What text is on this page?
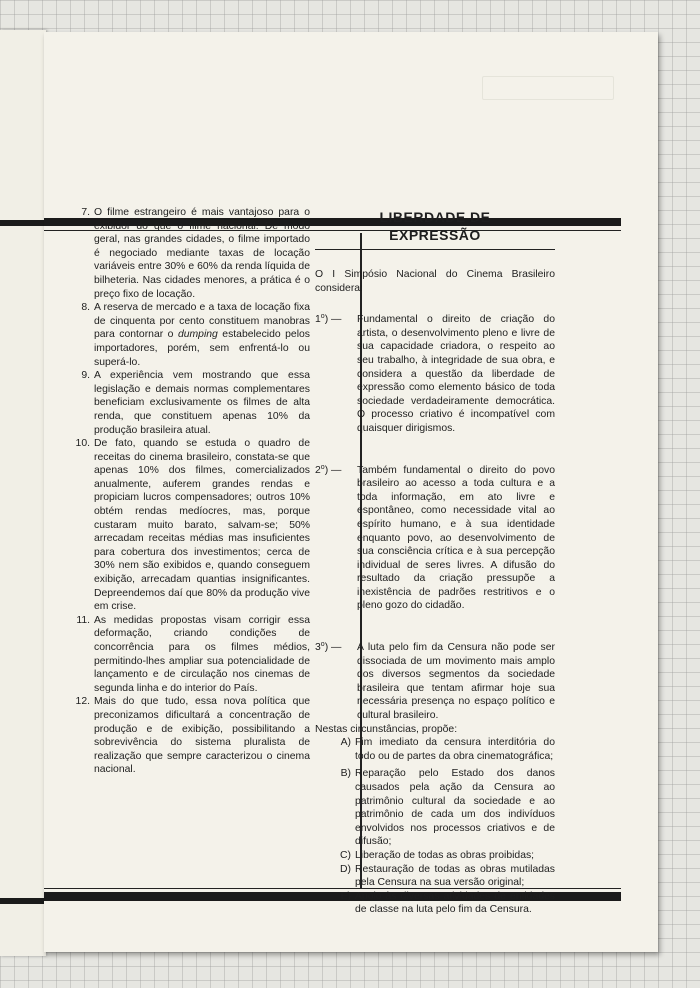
7. O filme estrangeiro é mais vantajoso para o exibidor do que o filme nacional. De modo geral, nas grandes cidades, o filme importado é negociado mediante taxas de locação variáveis entre 30% e 60% da renda líquida de bilheteria. Nas cidades menores, a prática é o preço fixo de locação.

8. A reserva de mercado e a taxa de locação fixa de cinquenta por cento constituem manobras para contornar o dumping estabelecido pelos importadores, porém, sem enfrentá-lo ou superá-lo.

9. A experiência vem mostrando que essa legislação e demais normas complementares beneficiam exclusivamente os filmes de alta renda, que constituem apenas 10% da produção brasileira atual.

10. De fato, quando se estuda o quadro de receitas do cinema brasileiro, constata-se que apenas 10% dos filmes, comercializados anualmente, auferem grandes rendas e propiciam lucros compensadores; outros 10% obtém rendas medíocres, mas, porque custaram muito barato, salvam-se; 50% arrecadam receitas médias mas insuficientes para cobertura dos investimentos; cerca de 30% nem são exibidos e, quando conseguem exibição, arrecadam quantias insignificantes. Depreendemos daí que 80% da produção vive em crise.

11. As medidas propostas visam corrigir essa deformação, criando condições de concorrência para os filmes médios, permitindo-lhes ampliar sua potencialidade de lançamento e de circulação nos cinemas de segunda linha e do interior do País.

12. Mais do que tudo, essa nova política que preconizamos dificultará a concentração de produção e de exibição, possibilitando a sobrevivência do sistema pluralista de realização que sempre caracterizou o cinema nacional.

LIBERDADE DE
EXPRESSÃO

O I Simpósio Nacional do Cinema Brasileiro considera:

1$^o$) — Fundamental o direito de criação do artista, o desenvolvimento pleno e livre de sua capacidade criadora, o respeito ao seu trabalho, à integridade de sua obra, e considera a questão da liberdade de expressão como elemento básico de toda sociedade verdadeiramente democrática. O processo criativo é incompatível com quaisquer dirigismos.

2$^o$) — Também fundamental o direito do povo brasileiro ao acesso a toda cultura e a toda informação, em ato livre e espontâneo, como necessidade vital ao espírito humano, e à sua identidade enquanto povo, ao desenvolvimento de sua consciência crítica e à sua percepção individual de seres livres. A difusão do resultado da criação pressupõe a inexistência de padrões restritivos e o pleno gozo do cidadão.

3$^o$) — A luta pelo fim da Censura não pode ser dissociada de um movimento mais amplo dos diversos segmentos da sociedade brasileira que tentam afirmar hoje sua necessária presença no espaço político e cultural brasileiro.

Nestas circunstâncias, propõe:

A) Fim imediato da censura interditória do todo ou de partes da obra cinematográfica;

B) Reparação pelo Estado dos danos causados pela ação da Censura ao patrimônio cultural da sociedade e ao patrimônio de cada um dos indivíduos envolvidos nos processos criativos e de difusão;

C) Liberação de todas as obras proibidas;

D) Restauração de todas as obras mutiladas pela Censura na sua versão original;

E) Apoio às diversas atividades de entidades de classe na luta pelo fim da Censura.
